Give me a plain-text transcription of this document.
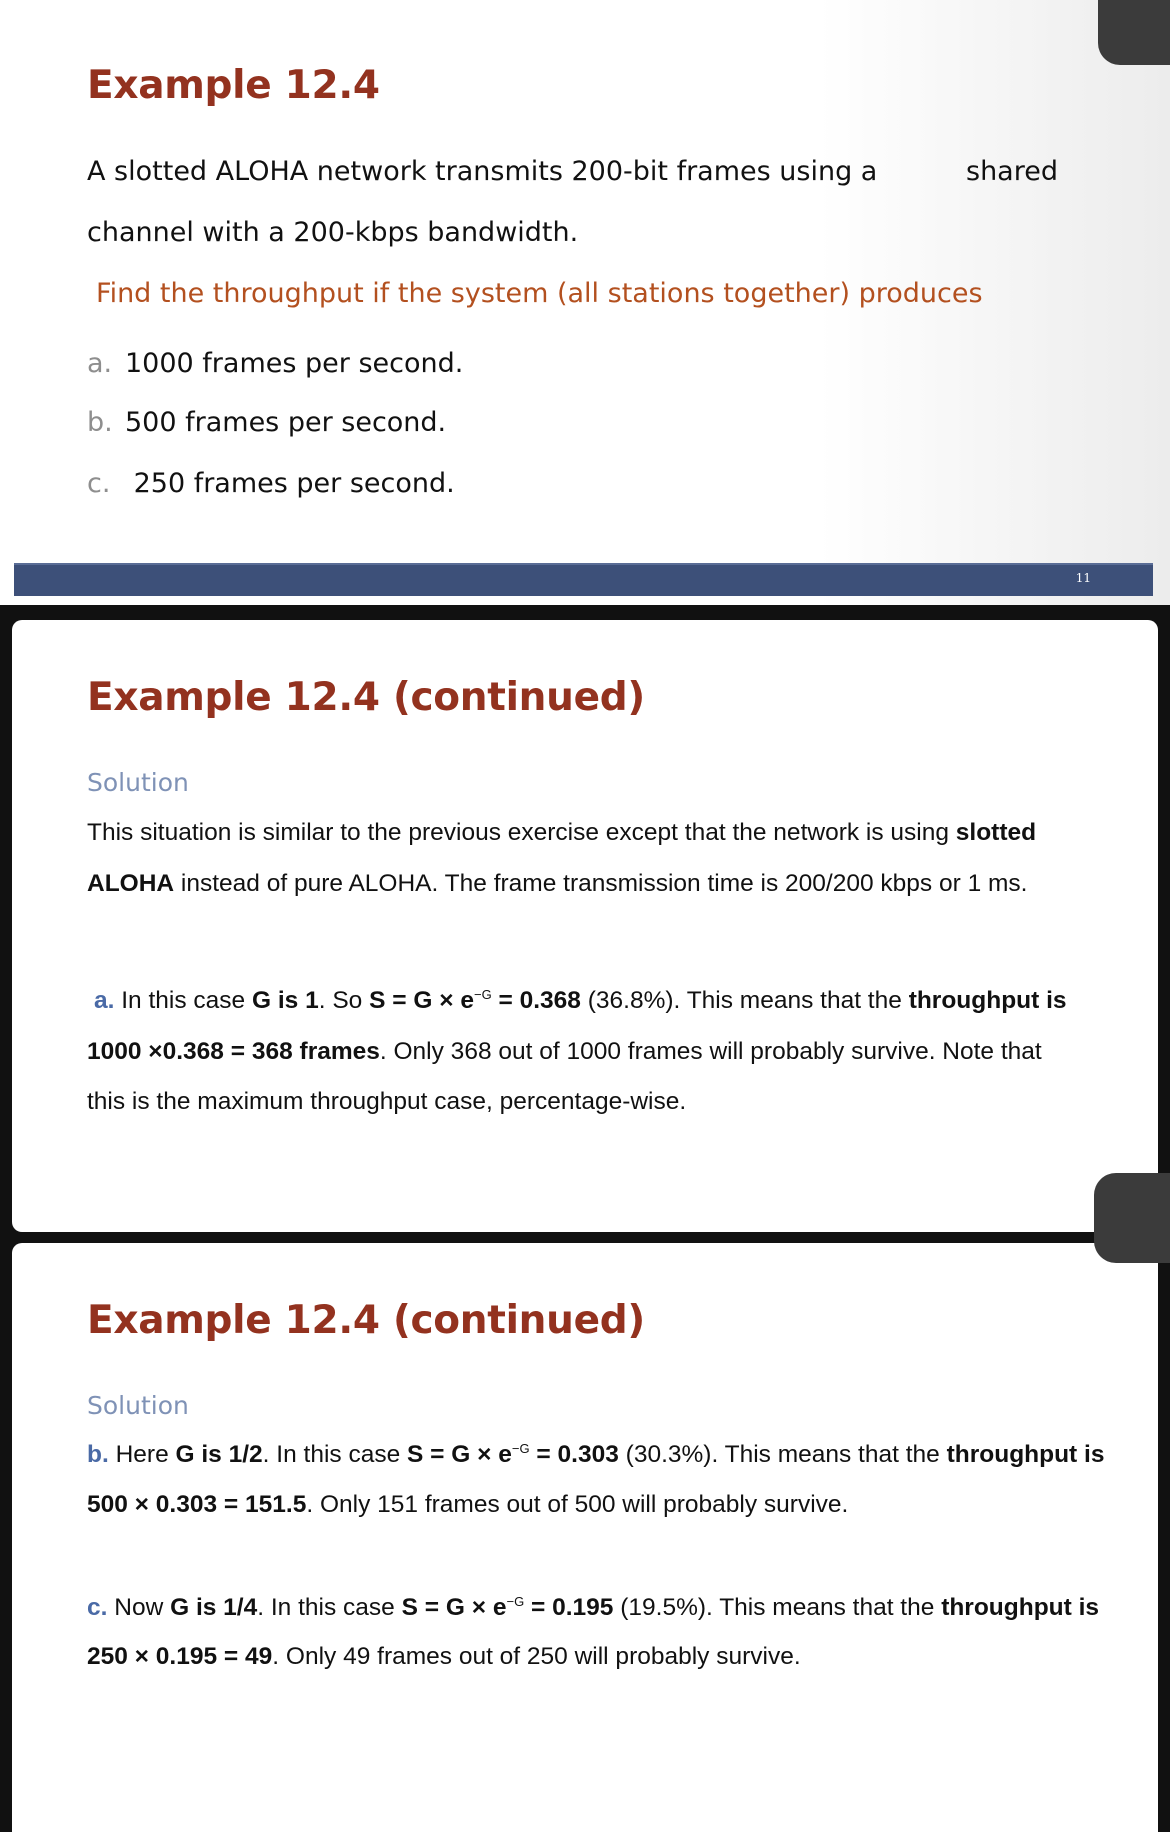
Example 12.4
A slotted ALOHA network transmits 200-bit frames using a	shared
channel with a 200-kbps bandwidth.
Find the throughput if the system (all stations together) produces
a. 1000 frames per second.
b. 500 frames per second.
c. 250 frames per second.
11
Example 12.4 (continued)
Solution
This situation is similar to the previous exercise except that the network is using slotted
ALOHA instead of pure ALOHA. The frame transmission time is 200/200 kbps or 1 ms.
a. In this case G is 1. So $S = G \times e^{-G} = 0.368$ (36.8%). This means that the throughput is
1000 ×0.368 = 368 frames. Only 368 out of 1000 frames will probably survive. Note that
this is the maximum throughput case, percentage-wise.
Example 12.4 (continued)
Solution
b. Here G is 1/2. In this case $S = G \times e^{-G} = 0.303$ (30.3%). This means that the throughput is
500 × 0.303 = 151.5. Only 151 frames out of 500 will probably survive.
c. Now G is 1/4. In this case $S = G \times e^{-G} = 0.195$ (19.5%). This means that the throughput is
250 × 0.195 = 49. Only 49 frames out of 250 will probably survive.
